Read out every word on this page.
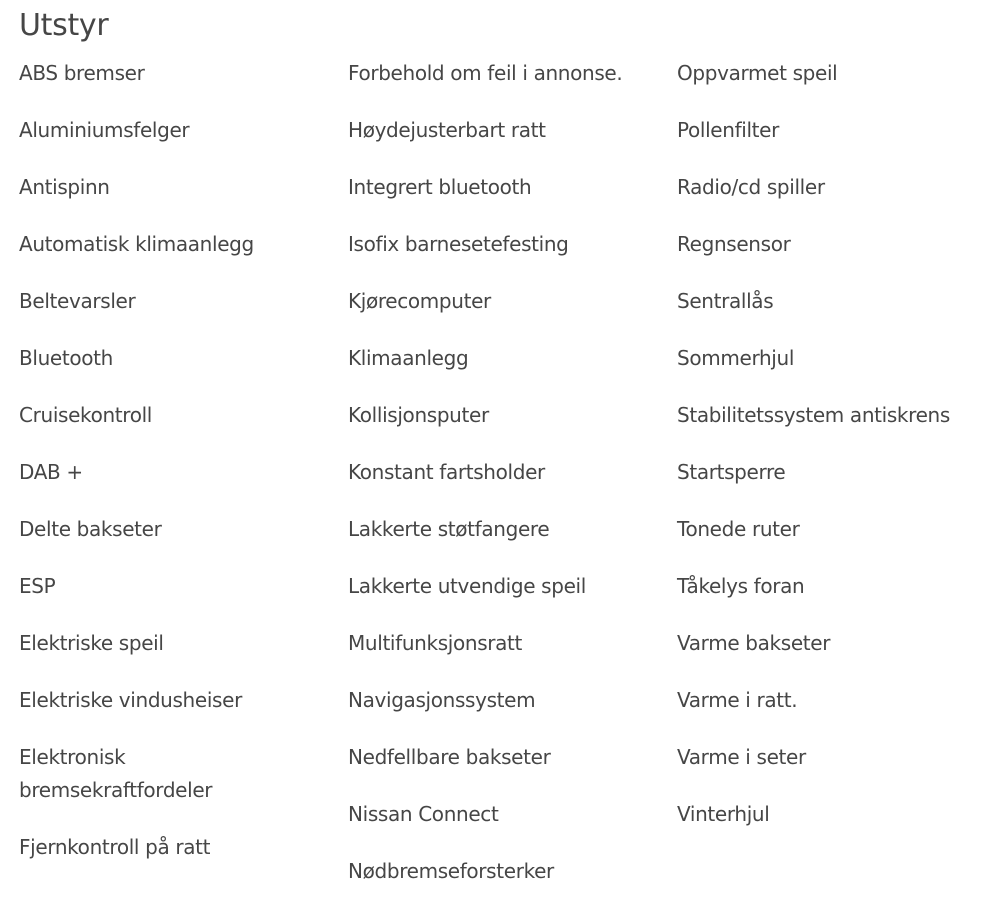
Utstyr
ABS bremser
Aluminiumsfelger
Antispinn
Automatisk klimaanlegg
Beltevarsler
Bluetooth
Cruisekontroll
DAB +
Delte bakseter
ESP
Elektriske speil
Elektriske vindusheiser
Elektronisk bremsekraftfordeler
Fjernkontroll på ratt
Forbehold om feil i annonse.
Høydejusterbart ratt
Integrert bluetooth
Isofix barnesetefesting
Kjørecomputer
Klimaanlegg
Kollisjonsputer
Konstant fartsholder
Lakkerte støtfangere
Lakkerte utvendige speil
Multifunksjonsratt
Navigasjonssystem
Nedfellbare bakseter
Nissan Connect
Nødbremseforsterker
Oppvarmet speil
Pollenfilter
Radio/cd spiller
Regnsensor
Sentrallås
Sommerhjul
Stabilitetssystem antiskrens
Startsperre
Tonede ruter
Tåkelys foran
Varme bakseter
Varme i ratt.
Varme i seter
Vinterhjul
